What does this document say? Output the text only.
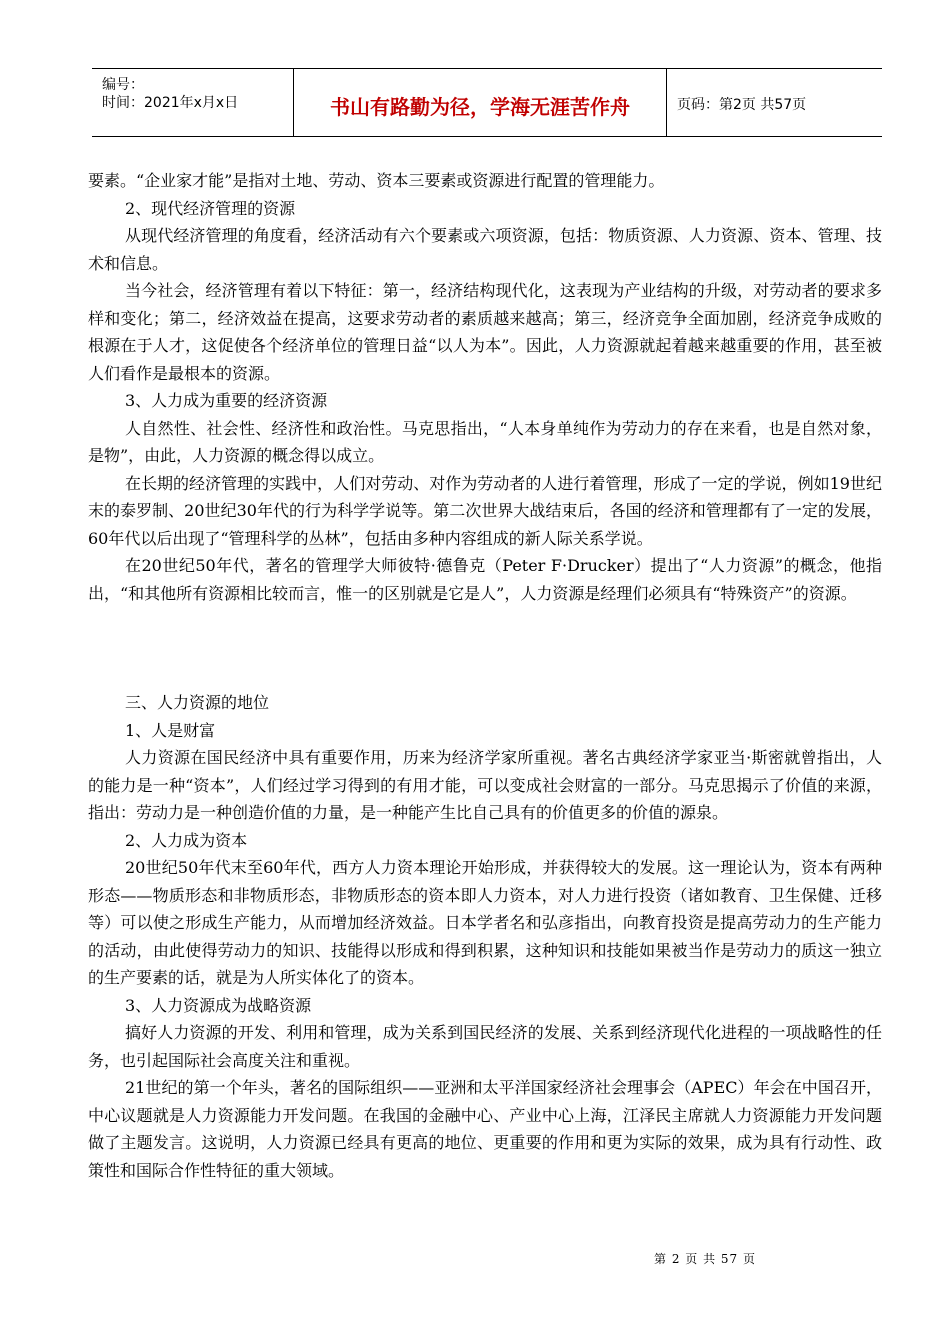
编号：
时间：2021年x月x日	书山有路勤为径，学海无涯苦作舟	页码：第2页 共57页

要素。“企业家才能”是指对土地、劳动、资本三要素或资源进行配置的管理能力。

2、现代经济管理的资源

从现代经济管理的角度看，经济活动有六个要素或六项资源，包括：物质资源、人力资源、资本、管理、技术和信息。

当今社会，经济管理有着以下特征：第一，经济结构现代化，这表现为产业结构的升级，对劳动者的要求多样和变化；第二，经济效益在提高，这要求劳动者的素质越来越高；第三，经济竞争全面加剧，经济竞争成败的根源在于人才，这促使各个经济单位的管理日益“以人为本”。因此，人力资源就起着越来越重要的作用，甚至被人们看作是最根本的资源。

3、人力成为重要的经济资源

人自然性、社会性、经济性和政治性。马克思指出，“人本身单纯作为劳动力的存在来看，也是自然对象，是物”，由此，人力资源的概念得以成立。

在长期的经济管理的实践中，人们对劳动、对作为劳动者的人进行着管理，形成了一定的学说，例如19世纪末的泰罗制、20世纪30年代的行为科学学说等。第二次世界大战结束后，各国的经济和管理都有了一定的发展，60年代以后出现了“管理科学的丛林”，包括由多种内容组成的新人际关系学说。

在20世纪50年代，著名的管理学大师彼特·德鲁克（Peter F·Drucker）提出了“人力资源”的概念，他指出，“和其他所有资源相比较而言，惟一的区别就是它是人”，人力资源是经理们必须具有“特殊资产”的资源。

三、人力资源的地位

1、人是财富

人力资源在国民经济中具有重要作用，历来为经济学家所重视。著名古典经济学家亚当·斯密就曾指出，人的能力是一种“资本”，人们经过学习得到的有用才能，可以变成社会财富的一部分。马克思揭示了价值的来源，指出：劳动力是一种创造价值的力量，是一种能产生比自己具有的价值更多的价值的源泉。

2、人力成为资本

20世纪50年代末至60年代，西方人力资本理论开始形成，并获得较大的发展。这一理论认为，资本有两种形态——物质形态和非物质形态，非物质形态的资本即人力资本，对人力进行投资（诸如教育、卫生保健、迁移等）可以使之形成生产能力，从而增加经济效益。日本学者名和弘彦指出，向教育投资是提高劳动力的生产能力的活动，由此使得劳动力的知识、技能得以形成和得到积累，这种知识和技能如果被当作是劳动力的质这一独立的生产要素的话，就是为人所实体化了的资本。

3、人力资源成为战略资源

搞好人力资源的开发、利用和管理，成为关系到国民经济的发展、关系到经济现代化进程的一项战略性的任务，也引起国际社会高度关注和重视。

21世纪的第一个年头，著名的国际组织——亚洲和太平洋国家经济社会理事会（APEC）年会在中国召开，中心议题就是人力资源能力开发问题。在我国的金融中心、产业中心上海，江泽民主席就人力资源能力开发问题做了主题发言。这说明，人力资源已经具有更高的地位、更重要的作用和更为实际的效果，成为具有行动性、政策性和国际合作性特征的重大领域。

第 2 页 共 57 页
